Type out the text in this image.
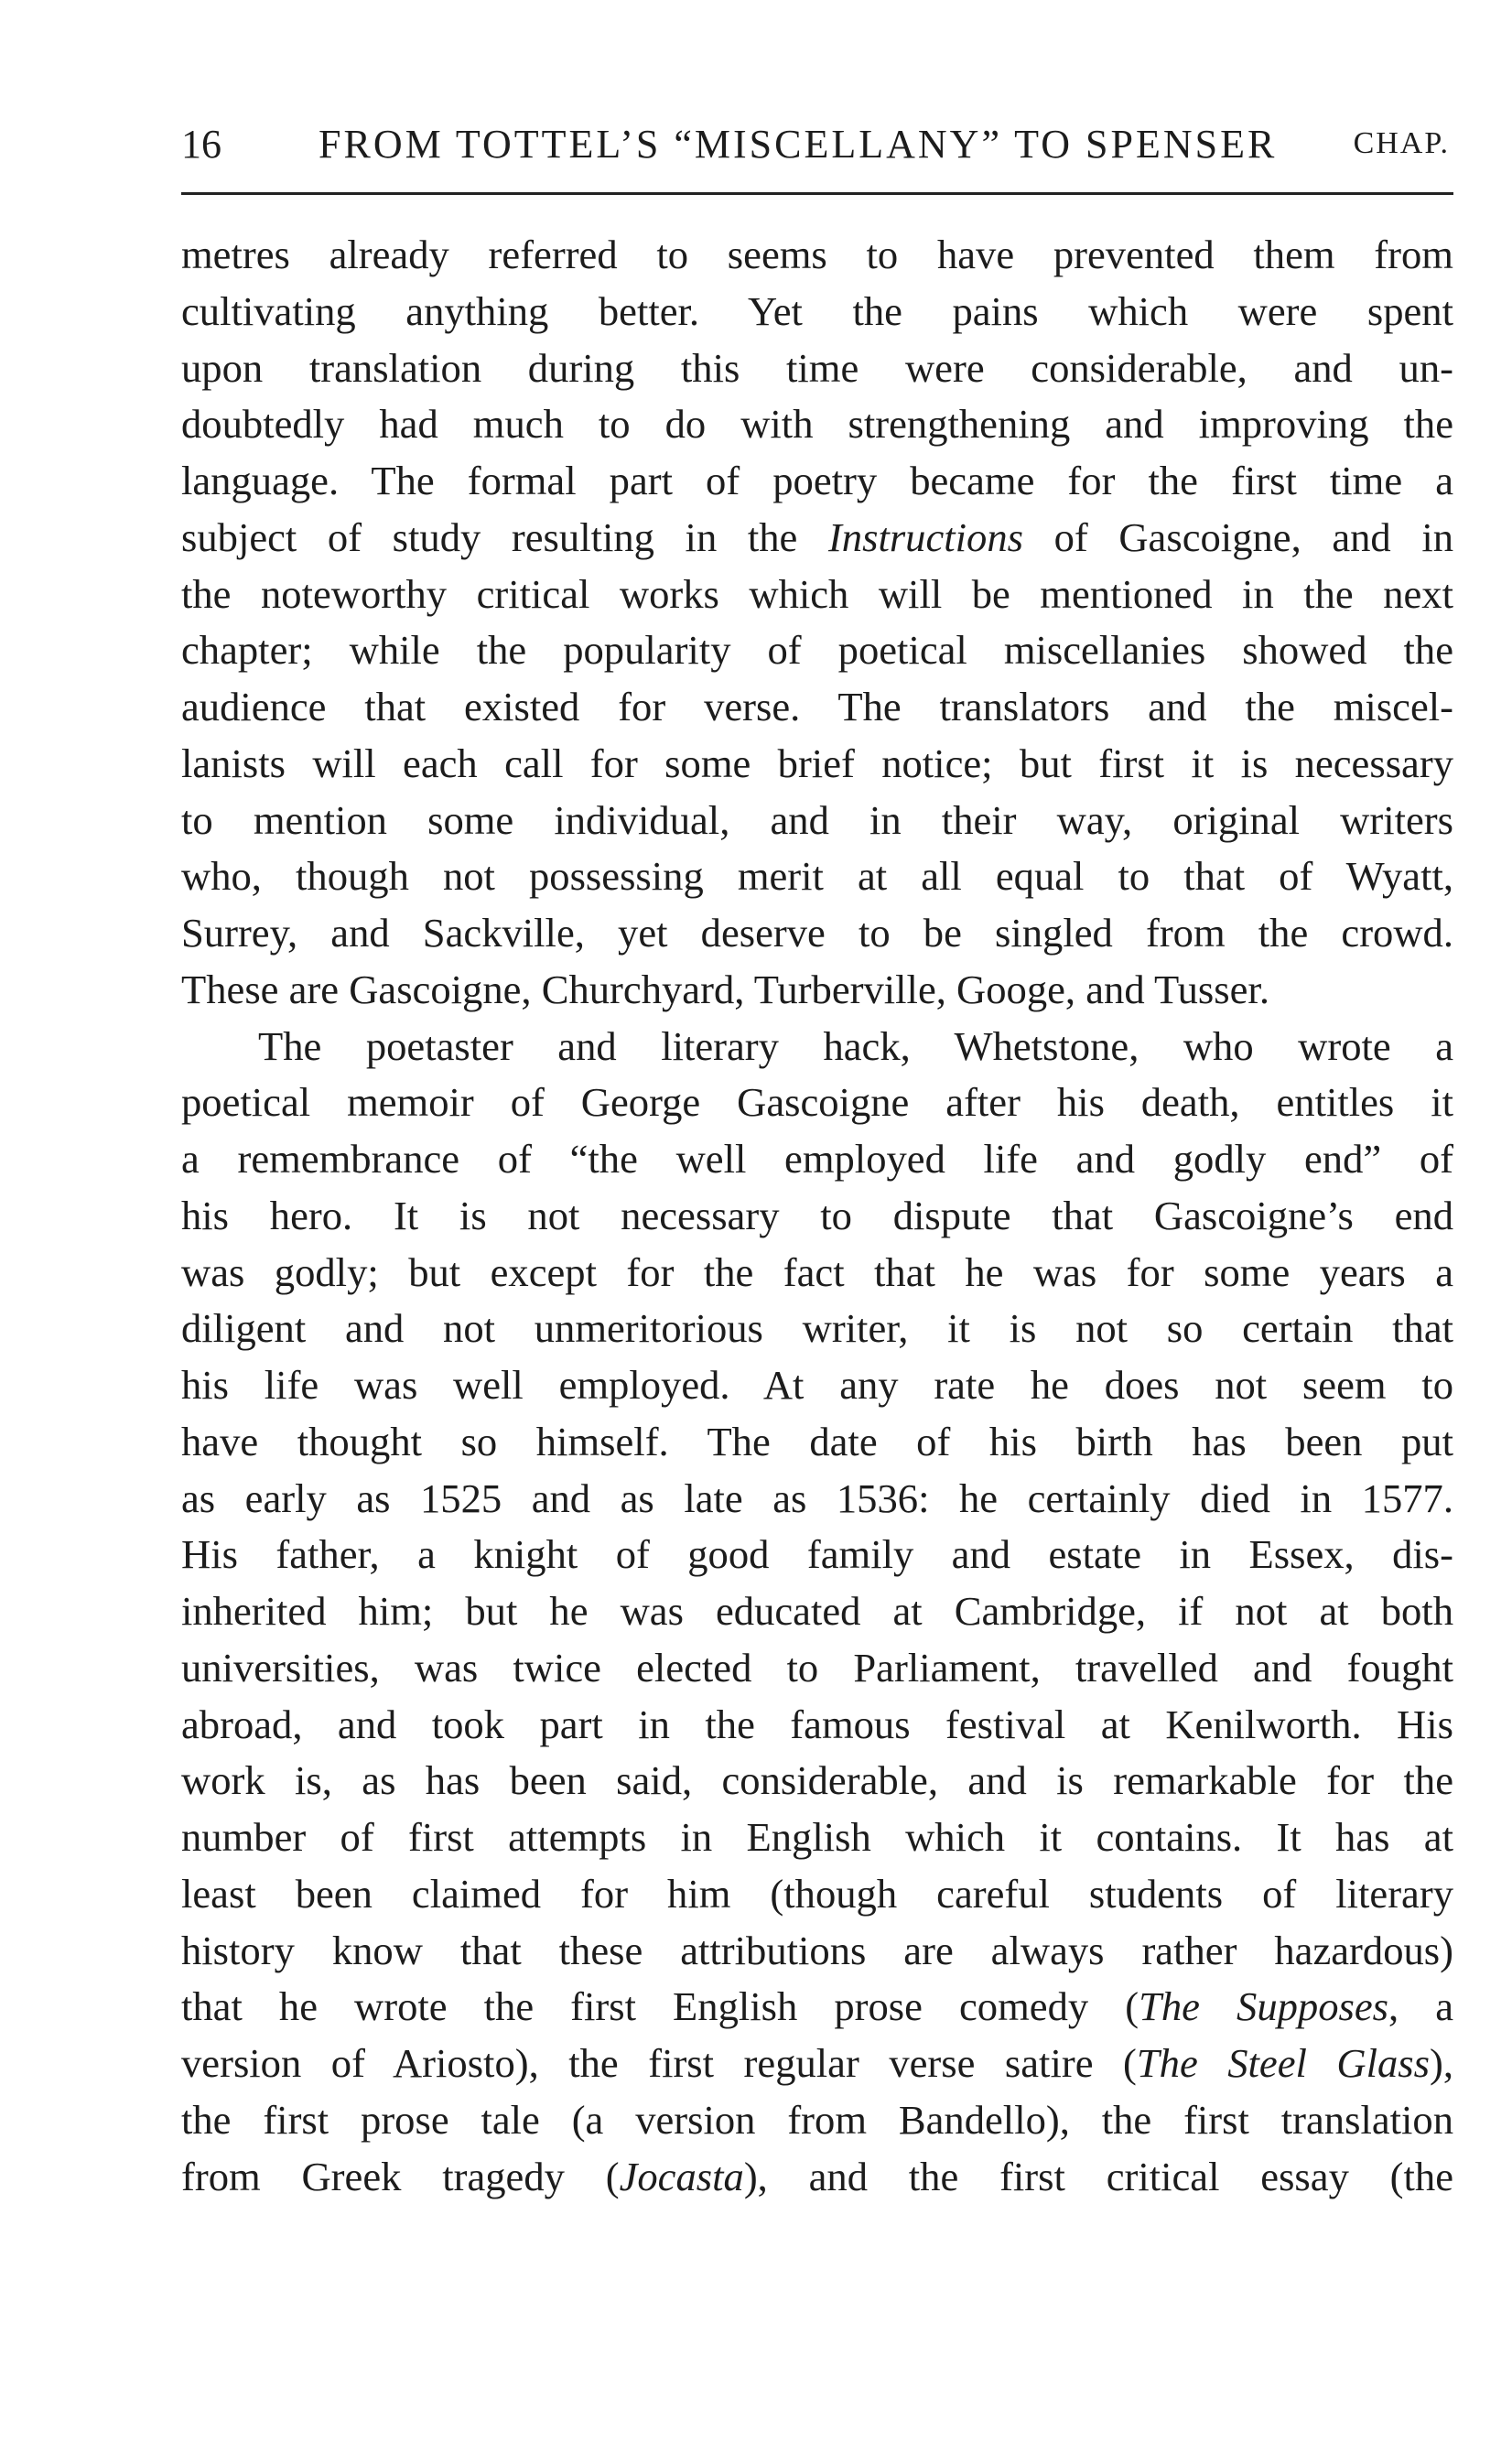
16 FROM TOTTEL’S “MISCELLANY” TO SPENSER CHAP.
metres already referred to seems to have prevented them from
cultivating anything better. Yet the pains which were spent
upon translation during this time were considerable, and un-
doubtedly had much to do with strengthening and improving the
language. The formal part of poetry became for the first time a
subject of study resulting in the Instructions of Gascoigne, and in
the noteworthy critical works which will be mentioned in the next
chapter; while the popularity of poetical miscellanies showed the
audience that existed for verse. The translators and the miscel-
lanists will each call for some brief notice; but first it is necessary
to mention some individual, and in their way, original writers
who, though not possessing merit at all equal to that of Wyatt,
Surrey, and Sackville, yet deserve to be singled from the crowd.
These are Gascoigne, Churchyard, Turberville, Googe, and Tusser.
The poetaster and literary hack, Whetstone, who wrote a
poetical memoir of George Gascoigne after his death, entitles it
a remembrance of “the well employed life and godly end” of
his hero. It is not necessary to dispute that Gascoigne’s end
was godly; but except for the fact that he was for some years a
diligent and not unmeritorious writer, it is not so certain that
his life was well employed. At any rate he does not seem to
have thought so himself. The date of his birth has been put
as early as 1525 and as late as 1536: he certainly died in 1577.
His father, a knight of good family and estate in Essex, dis-
inherited him; but he was educated at Cambridge, if not at both
universities, was twice elected to Parliament, travelled and fought
abroad, and took part in the famous festival at Kenilworth. His
work is, as has been said, considerable, and is remarkable for the
number of first attempts in English which it contains. It has at
least been claimed for him (though careful students of literary
history know that these attributions are always rather hazardous)
that he wrote the first English prose comedy (The Supposes, a
version of Ariosto), the first regular verse satire (The Steel Glass),
the first prose tale (a version from Bandello), the first translation
from Greek tragedy (Jocasta), and the first critical essay (the
